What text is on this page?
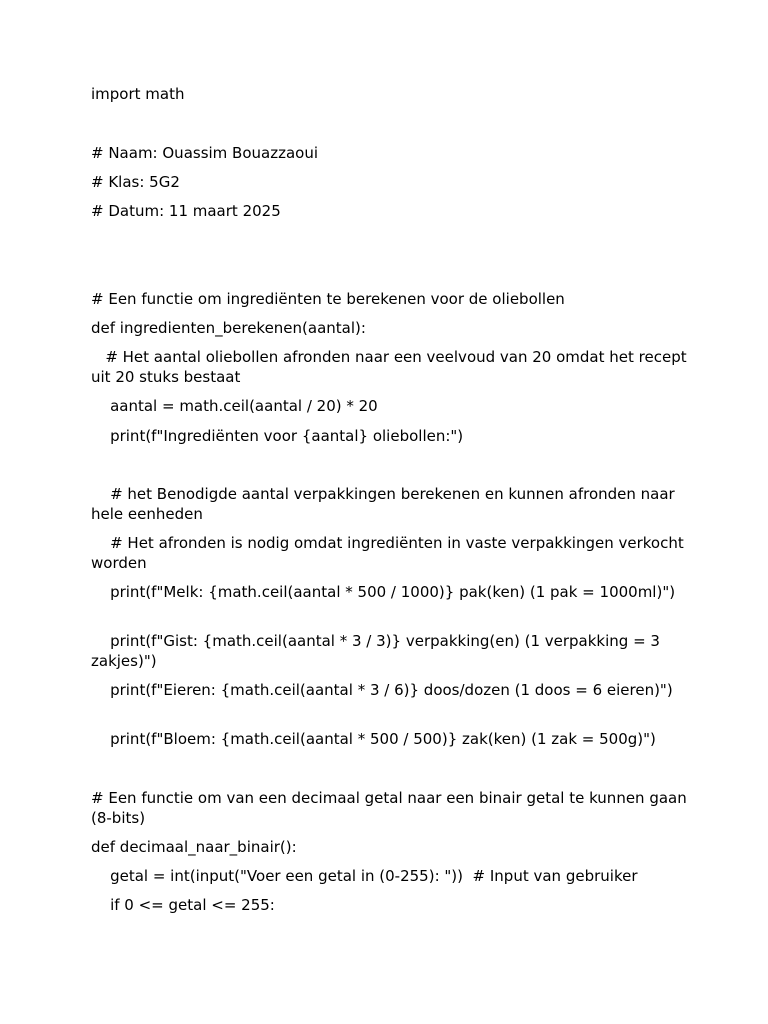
import math

# Naam: Ouassim Bouazzaoui

# Klas: 5G2

# Datum: 11 maart 2025

# Een functie om ingrediënten te berekenen voor de oliebollen

def ingredienten_berekenen(aantal):

# Het aantal oliebollen afronden naar een veelvoud van 20 omdat het recept uit 20 stuks bestaat

aantal = math.ceil(aantal / 20) * 20

print(f"Ingrediënten voor {aantal} oliebollen:")

# het Benodigde aantal verpakkingen berekenen en kunnen afronden naar hele eenheden

# Het afronden is nodig omdat ingrediënten in vaste verpakkingen verkocht worden

print(f"Melk: {math.ceil(aantal * 500 / 1000)} pak(ken) (1 pak = 1000ml)")

print(f"Gist: {math.ceil(aantal * 3 / 3)} verpakking(en) (1 verpakking = 3 zakjes)")

print(f"Eieren: {math.ceil(aantal * 3 / 6)} doos/dozen (1 doos = 6 eieren)")

print(f"Bloem: {math.ceil(aantal * 500 / 500)} zak(ken) (1 zak = 500g)")

# Een functie om van een decimaal getal naar een binair getal te kunnen gaan (8-bits)

def decimaal_naar_binair():

getal = int(input("Voer een getal in (0-255): "))  # Input van gebruiker

if 0 <= getal <= 255:
